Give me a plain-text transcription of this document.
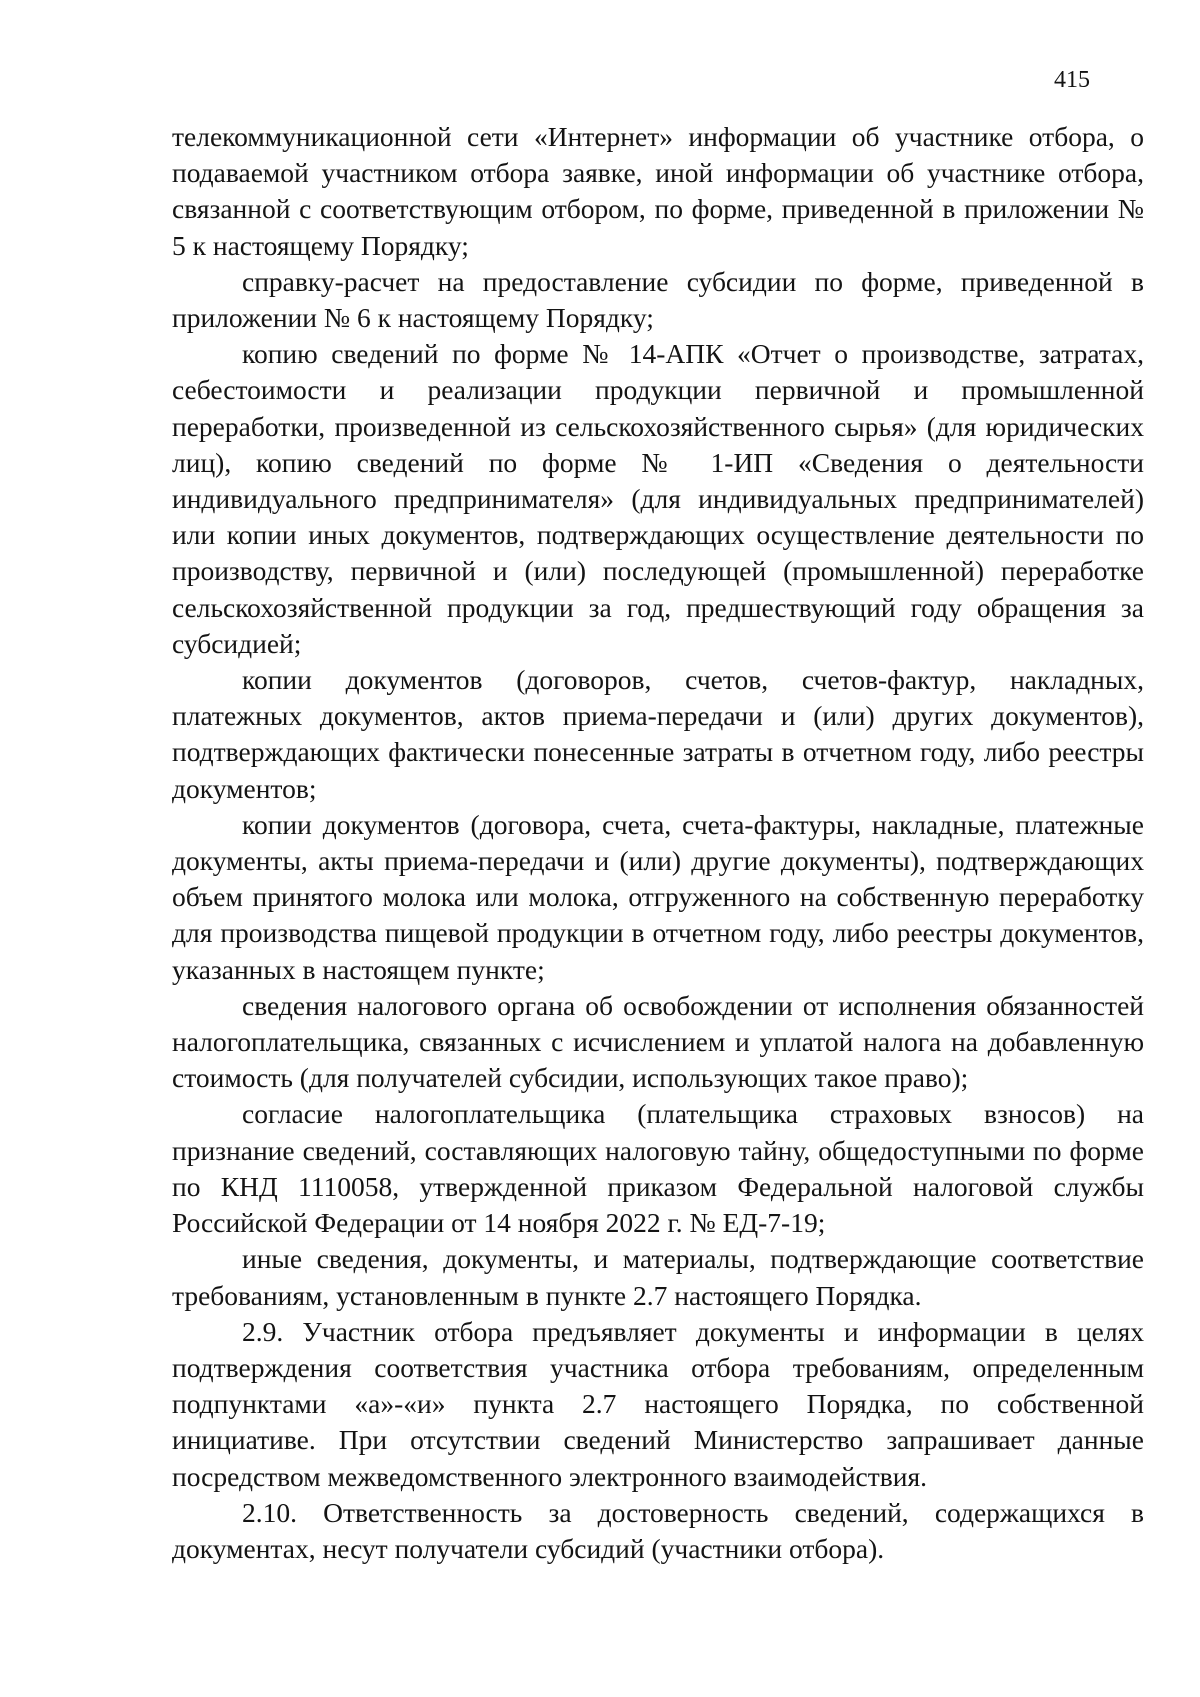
415

телекоммуникационной сети «Интернет» информации об участнике отбора, о подаваемой участником отбора заявке, иной информации об участнике отбора, связанной с соответствующим отбором, по форме, приведенной в приложении № 5 к настоящему Порядку;

справку-расчет на предоставление субсидии по форме, приведенной в приложении № 6 к настоящему Порядку;

копию сведений по форме № 14-АПК «Отчет о производстве, затратах, себестоимости и реализации продукции первичной и промышленной переработки, произведенной из сельскохозяйственного сырья» (для юридических лиц), копию сведений по форме № 1-ИП «Сведения о деятельности индивидуального предпринимателя» (для индивидуальных предпринимателей) или копии иных документов, подтверждающих осуществление деятельности по производству, первичной и (или) последующей (промышленной) переработке сельскохозяйственной продукции за год, предшествующий году обращения за субсидией;

копии документов (договоров, счетов, счетов-фактур, накладных, платежных документов, актов приема-передачи и (или) других документов), подтверждающих фактически понесенные затраты в отчетном году, либо реестры документов;

копии документов (договора, счета, счета-фактуры, накладные, платежные документы, акты приема-передачи и (или) другие документы), подтверждающих объем принятого молока или молока, отгруженного на собственную переработку для производства пищевой продукции в отчетном году, либо реестры документов, указанных в настоящем пункте;

сведения налогового органа об освобождении от исполнения обязанностей налогоплательщика, связанных с исчислением и уплатой налога на добавленную стоимость (для получателей субсидии, использующих такое право);

согласие налогоплательщика (плательщика страховых взносов) на признание сведений, составляющих налоговую тайну, общедоступными по форме по КНД 1110058, утвержденной приказом Федеральной налоговой службы Российской Федерации от 14 ноября 2022 г. № ЕД-7-19;

иные сведения, документы, и материалы, подтверждающие соответствие требованиям, установленным в пункте 2.7 настоящего Порядка.

2.9. Участник отбора предъявляет документы и информации в целях подтверждения соответствия участника отбора требованиям, определенным подпунктами «а»-«и» пункта 2.7 настоящего Порядка, по собственной инициативе. При отсутствии сведений Министерство запрашивает данные посредством межведомственного электронного взаимодействия.

2.10. Ответственность за достоверность сведений, содержащихся в документах, несут получатели субсидий (участники отбора).
